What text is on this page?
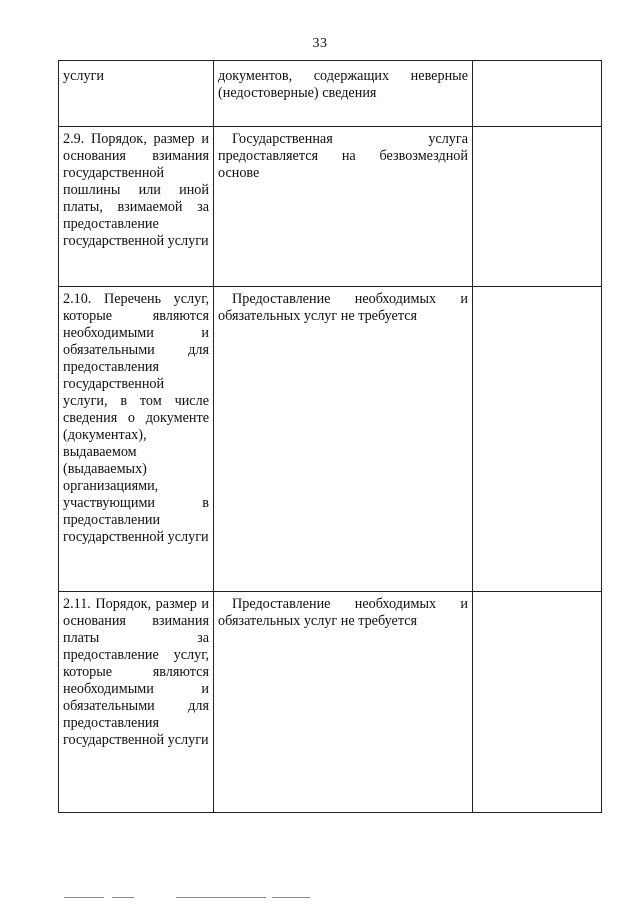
33
услуги	документов, содержащих неверные (недостоверные) сведения	
2.9. Порядок, размер и основания взимания государственной пошлины или иной платы, взимаемой за предоставление государственной услуги	Государственная услуга предоставляется на безвозмездной основе	
2.10. Перечень услуг, которые являются необходимыми и обязательными для предоставления государственной услуги, в том числе сведения о документе (документах), выдаваемом (выдаваемых) организациями, участвующими в предоставлении государственной услуги	Предоставление необходимых и обязательных услуг не требуется	
2.11. Порядок, размер и основания взимания платы за предоставление услуг, которые являются необходимыми и обязательными для предоставления государственной услуги	Предоставление необходимых и обязательных услуг не требуется	
